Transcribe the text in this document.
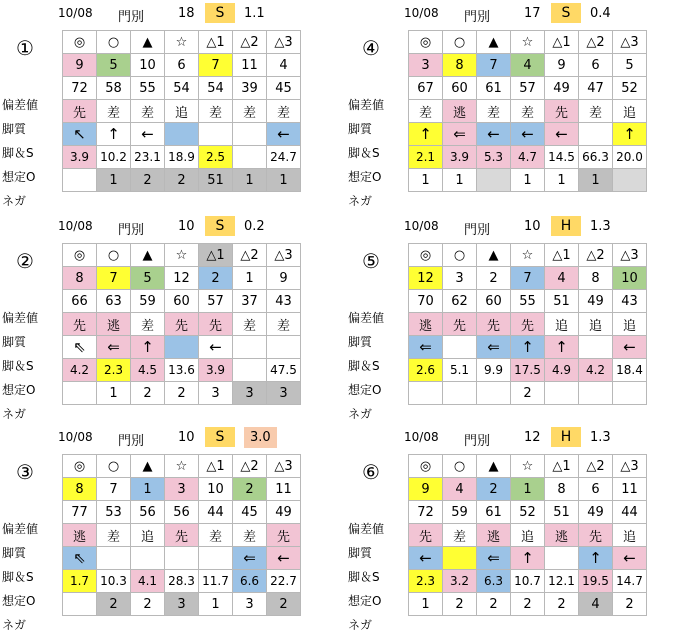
10/08 門別	18	S	1.1
①
偏差値
脚質
脚＆S
想定O
ネガ
◎	○	▲	☆	△1	△2	△3
9	5	10	6	7	11	4
72	58	55	54	54	39	45
先	差	差	追	差	差	差
↖	↑	←				←
3.9	10.2	23.1	18.9	2.5		24.7
	1	2	2	51	1	1
10/08 門別	17	S	0.4
④
偏差値
脚質
脚＆S
想定O
ネガ
◎	○	▲	☆	△1	△2	△3
3	8	7	4	9	6	5
67	60	61	57	49	47	52
差	逃	差	差	先	差	追
↑	⇐	←	←	←		↑
2.1	3.9	5.3	4.7	14.5	66.3	20.0
1	1		1	1	1	
10/08 門別	10	S	0.2
②
偏差値
脚質
脚＆S
想定O
ネガ
◎	○	▲	☆	△1	△2	△3
8	7	5	12	2	1	9
66	63	59	60	57	37	43
先	逃	差	先	先	差	差
⇖	⇐	↑		←		
4.2	2.3	4.5	13.6	3.9		47.5
	1	2	2	3	3	3
10/08 門別	10	H	1.3
⑤
偏差値
脚質
脚＆S
想定O
ネガ
◎	○	▲	☆	△1	△2	△3
12	3	2	7	4	8	10
70	62	60	55	51	49	43
逃	先	先	先	追	追	追
⇐		⇐	↑	↑		←
2.6	5.1	9.9	17.5	4.9	4.2	18.4
			2			
10/08 門別	10	S	3.0
③
偏差値
脚質
脚＆S
想定O
ネガ
◎	○	▲	☆	△1	△2	△3
8	7	1	3	10	2	11
77	53	56	56	44	45	49
逃	差	追	先	差	差	先
⇖					⇐	←
1.7	10.3	4.1	28.3	11.7	6.6	22.7
	2	2	3	1	3	2
10/08 門別	12	H	1.3
⑥
偏差値
脚質
脚＆S
想定O
ネガ
◎	○	▲	☆	△1	△2	△3
9	4	2	1	8	6	11
72	59	61	52	51	49	44
先	差	逃	追	逃	先	追
←		⇐	↑		↑	←
2.3	3.2	6.3	10.7	12.1	19.5	14.7
1	2	2	2	2	4	2
